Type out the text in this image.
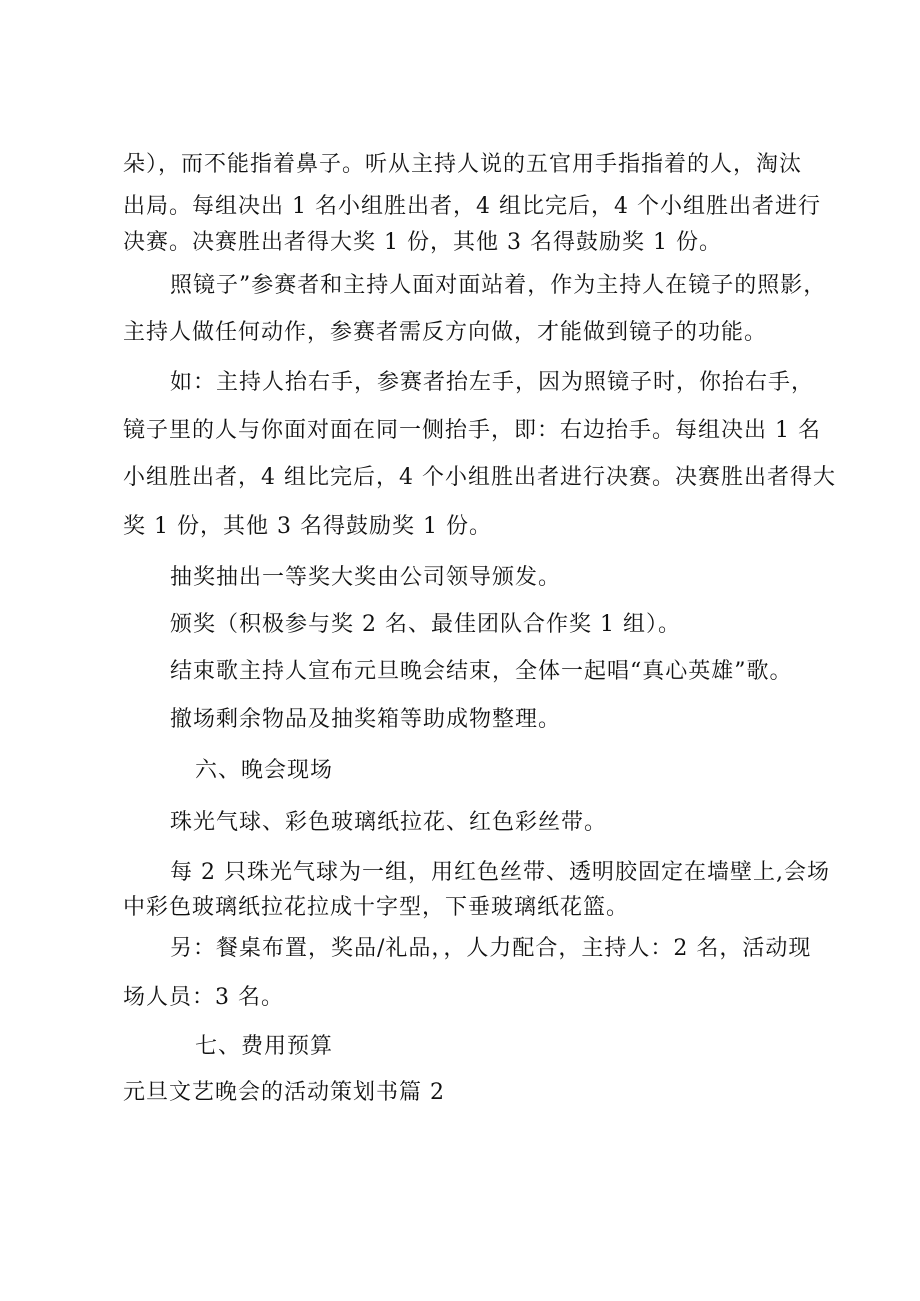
朵），而不能指着鼻子。听从主持人说的五官用手指指着的人，淘汰

出局。每组决出 1 名小组胜出者，4 组比完后，4 个小组胜出者进行

决赛。决赛胜出者得大奖 1 份，其他 3 名得鼓励奖 1 份。

照镜子”参赛者和主持人面对面站着，作为主持人在镜子的照影，

主持人做任何动作，参赛者需反方向做，才能做到镜子的功能。

如：主持人抬右手，参赛者抬左手，因为照镜子时，你抬右手，

镜子里的人与你面对面在同一侧抬手，即：右边抬手。每组决出 1 名

小组胜出者，4 组比完后，4 个小组胜出者进行决赛。决赛胜出者得大

奖 1 份，其他 3 名得鼓励奖 1 份。

抽奖抽出一等奖大奖由公司领导颁发。

颁奖（积极参与奖 2 名、最佳团队合作奖 1 组）。

结束歌主持人宣布元旦晚会结束，全体一起唱“真心英雄”歌。

撤场剩余物品及抽奖箱等助成物整理。

六、晚会现场

珠光气球、彩色玻璃纸拉花、红色彩丝带。

每 2 只珠光气球为一组，用红色丝带、透明胶固定在墙壁上,会场

中彩色玻璃纸拉花拉成十字型，下垂玻璃纸花篮。

另：餐桌布置，奖品/礼品，，人力配合，主持人：2 名，活动现

场人员：3 名。

七、费用预算

元旦文艺晚会的活动策划书篇 2
